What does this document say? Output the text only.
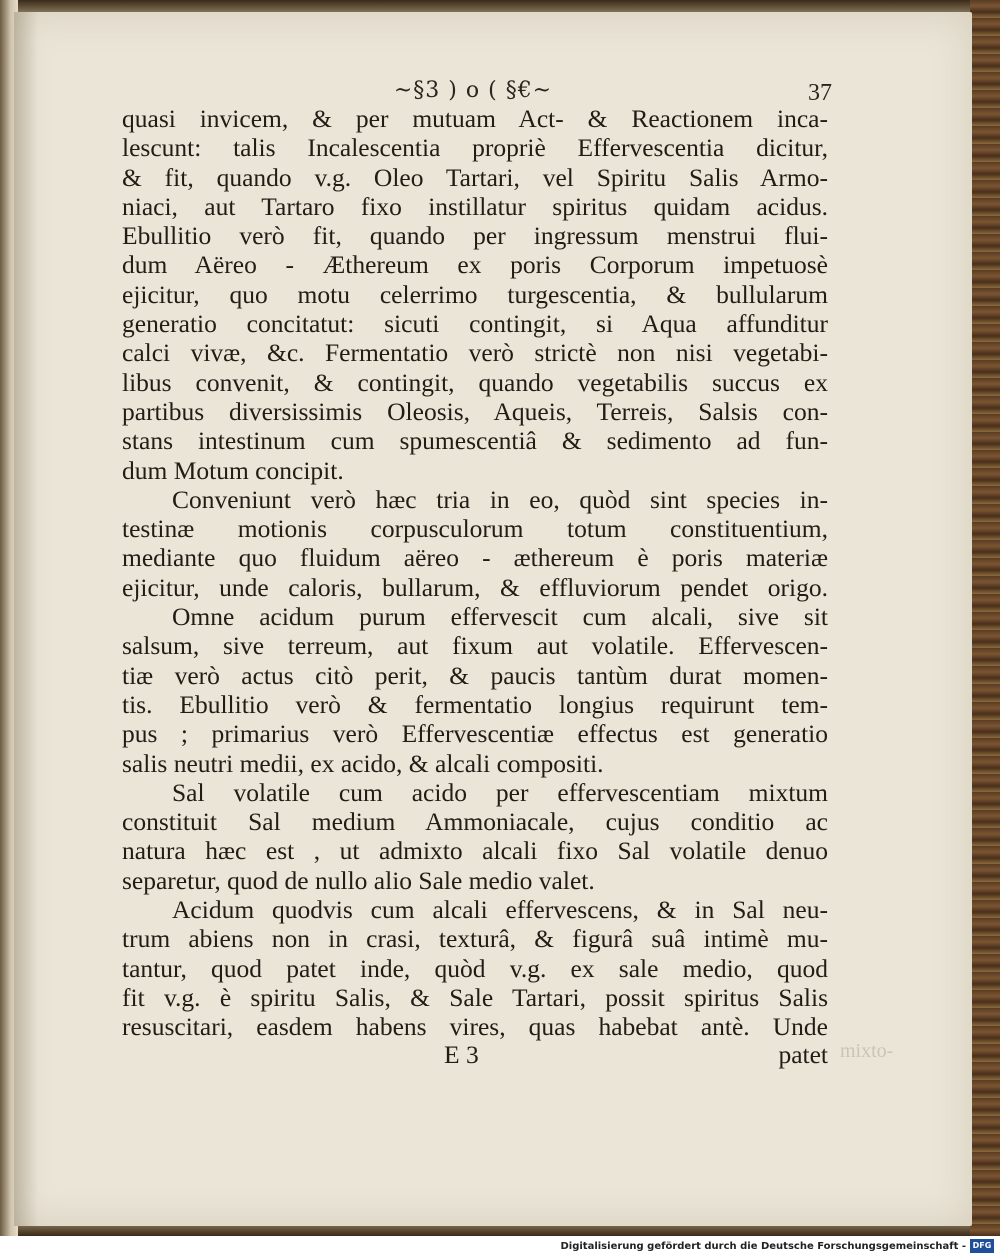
~§3 ) o ( §€~	37
quasi invicem, & per mutuam Act- & Reactionem inca-
lescunt: talis Incalescentia propriè Effervescentia dicitur,
& fit, quando v.g. Oleo Tartari, vel Spiritu Salis Armo-
niaci, aut Tartaro fixo instillatur spiritus quidam acidus.
Ebullitio verò fit, quando per ingressum menstrui flui-
dum Aëreo - Æthereum ex poris Corporum impetuosè
ejicitur, quo motu celerrimo turgescentia, & bullularum
generatio concitatut: sicuti contingit, si Aqua affunditur
calci vivæ, &c. Fermentatio verò strictè non nisi vegetabi-
libus convenit, & contingit, quando vegetabilis succus ex
partibus diversissimis Oleosis, Aqueis, Terreis, Salsis con-
stans intestinum cum spumescentiâ & sedimento ad fun-
dum Motum concipit.
Conveniunt verò hæc tria in eo, quòd sint species in-
testinæ motionis corpusculorum totum constituentium,
mediante quo fluidum aëreo - æthereum è poris materiæ
ejicitur, unde caloris, bullarum, & effluviorum pendet origo.
Omne acidum purum effervescit cum alcali, sive sit
salsum, sive terreum, aut fixum aut volatile. Effervescen-
tiæ verò actus citò perit, & paucis tantùm durat momen-
tis. Ebullitio verò & fermentatio longius requirunt tem-
pus ; primarius verò Effervescentiæ effectus est generatio
salis neutri medii, ex acido, & alcali compositi.
Sal volatile cum acido per effervescentiam mixtum
constituit Sal medium Ammoniacale, cujus conditio ac
natura hæc est , ut admixto alcali fixo Sal volatile denuo
separetur, quod de nullo alio Sale medio valet.
Acidum quodvis cum alcali effervescens, & in Sal neu-
trum abiens non in crasi, texturâ, & figurâ suâ intimè mu-
tantur, quod patet inde, quòd v.g. ex sale medio, quod
fit v.g. è spiritu Salis, & Sale Tartari, possit spiritus Salis
resuscitari, easdem habens vires, quas habebat antè. Unde
E 3	patet mixto-
Digitalisierung gefördert durch die Deutsche Forschungsgemeinschaft - DFG
